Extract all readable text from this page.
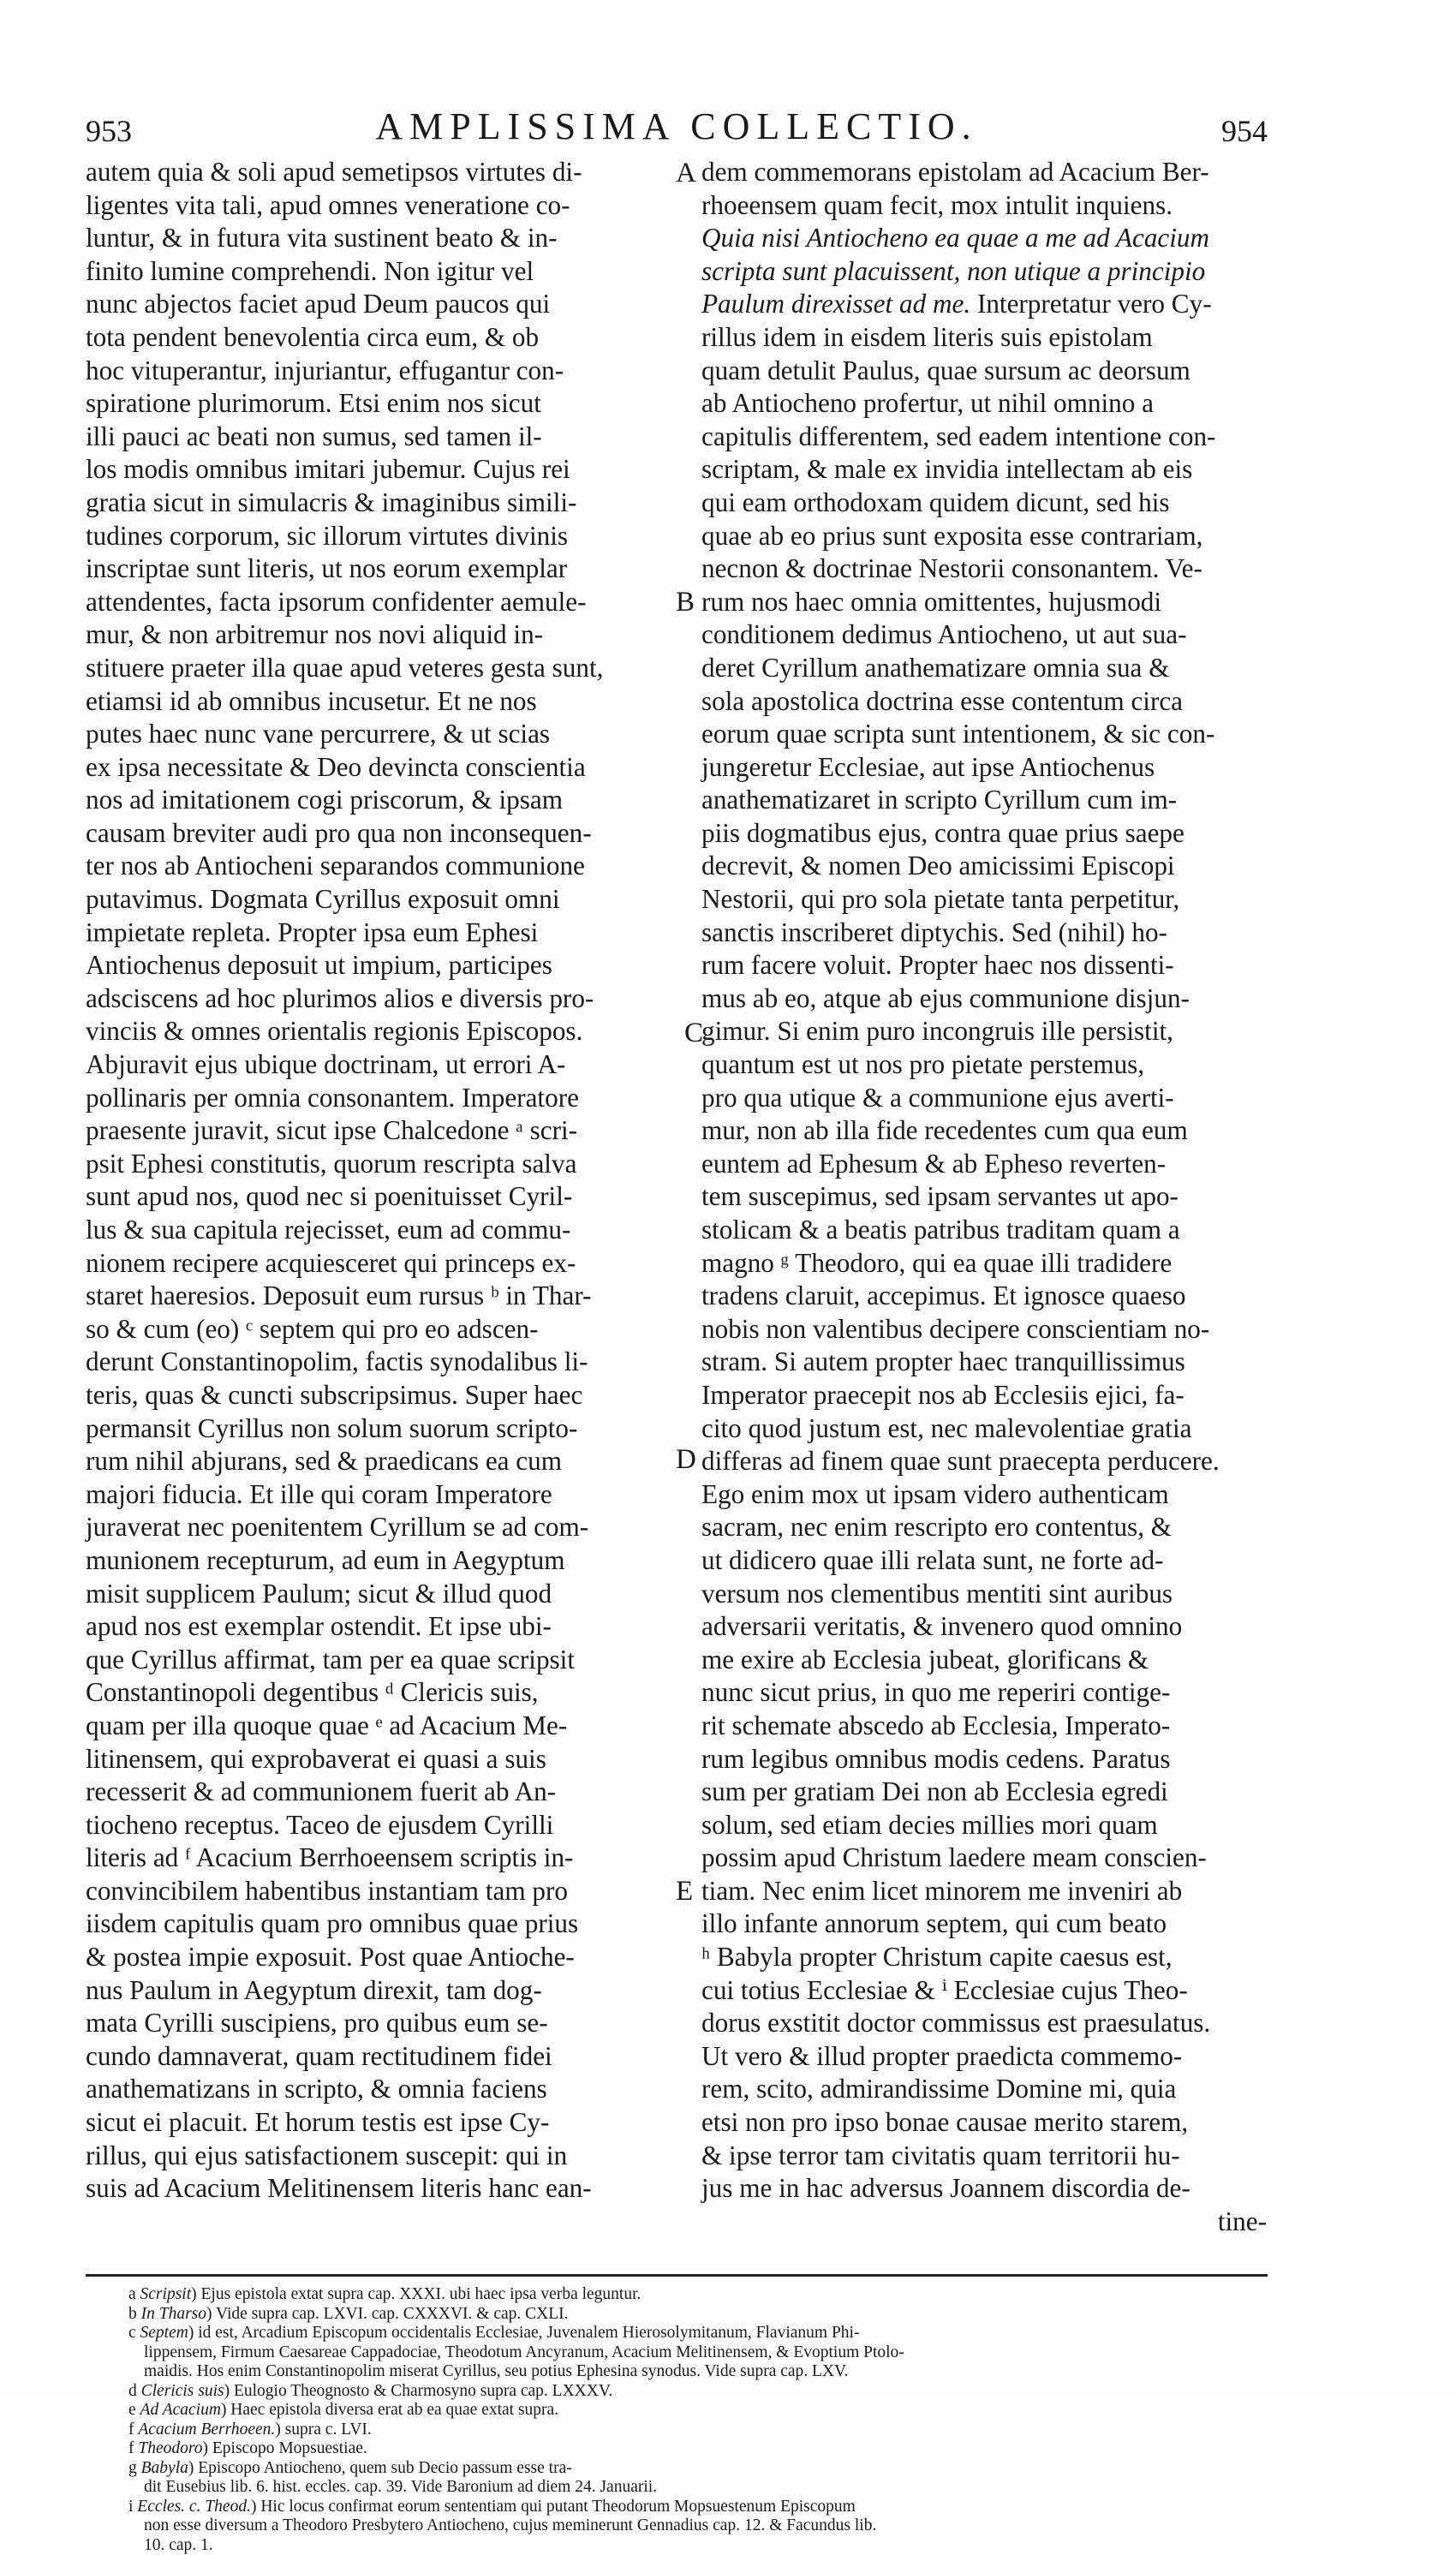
953	AMPLISSIMA COLLECTIO.	954
autem quia & soli apud semetipsos virtutes di-
ligentes vita tali, apud omnes veneratione co-
luntur, & in futura vita sustinent beato & in-
finito lumine comprehendi. Non igitur vel
nunc abjectos faciet apud Deum paucos qui
tota pendent benevolentia circa eum, & ob
hoc vituperantur, injuriantur, effugantur con-
spiratione plurimorum. Etsi enim nos sicut
illi pauci ac beati non sumus, sed tamen il-
los modis omnibus imitari jubemur. Cujus rei
gratia sicut in simulacris & imaginibus simili-
tudines corporum, sic illorum virtutes divinis
inscriptae sunt literis, ut nos eorum exemplar
attendentes, facta ipsorum confidenter aemule-
mur, & non arbitremur nos novi aliquid in-
stituere praeter illa quae apud veteres gesta sunt,
etiamsi id ab omnibus incusetur. Et ne nos
putes haec nunc vane percurrere, & ut scias
ex ipsa necessitate & Deo devincta conscientia
nos ad imitationem cogi priscorum, & ipsam
causam breviter audi pro qua non inconsequen-
ter nos ab Antiocheni separandos communione
putavimus. Dogmata Cyrillus exposuit omni
impietate repleta. Propter ipsa eum Ephesi
Antiochenus deposuit ut impium, participes
adsciscens ad hoc plurimos alios e diversis pro-
vinciis & omnes orientalis regionis Episcopos.
Abjuravit ejus ubique doctrinam, ut errori A-
pollinaris per omnia consonantem. Imperatore
praesente juravit, sicut ipse Chalcedone ᵃ scri-
psit Ephesi constitutis, quorum rescripta salva
sunt apud nos, quod nec si poenituisset Cyril-
lus & sua capitula rejecisset, eum ad commu-
nionem recipere acquiesceret qui princeps ex-
staret haeresios. Deposuit eum rursus ᵇ in Thar-
so & cum (eo) ᶜ septem qui pro eo adscen-
derunt Constantinopolim, factis synodalibus li-
teris, quas & cuncti subscripsimus. Super haec
permansit Cyrillus non solum suorum scripto-
rum nihil abjurans, sed & praedicans ea cum
majori fiducia. Et ille qui coram Imperatore
juraverat nec poenitentem Cyrillum se ad com-
munionem recepturum, ad eum in Aegyptum
misit supplicem Paulum; sicut & illud quod
apud nos est exemplar ostendit. Et ipse ubi-
que Cyrillus affirmat, tam per ea quae scripsit
Constantinopoli degentibus ᵈ Clericis suis,
quam per illa quoque quae ᵉ ad Acacium Me-
litinensem, qui exprobaverat ei quasi a suis
recesserit & ad communionem fuerit ab An-
tiocheno receptus. Taceo de ejusdem Cyrilli
literis ad ᶠ Acacium Berrhoeensem scriptis in-
convincibilem habentibus instantiam tam pro
iisdem capitulis quam pro omnibus quae prius
& postea impie exposuit. Post quae Antioche-
nus Paulum in Aegyptum direxit, tam dog-
mata Cyrilli suscipiens, pro quibus eum se-
cundo damnaverat, quam rectitudinem fidei
anathematizans in scripto, & omnia faciens
sicut ei placuit. Et horum testis est ipse Cy-
rillus, qui ejus satisfactionem suscepit: qui in
suis ad Acacium Melitinensem literis hanc ean-
dem commemorans epistolam ad Acacium Ber-
rhoeensem quam fecit, mox intulit inquiens.
Quia nisi Antiocheno ea quae a me ad Acacium
scripta sunt placuissent, non utique a principio
Paulum direxisset ad me. Interpretatur vero Cy-
rillus idem in eisdem literis suis epistolam
quam detulit Paulus, quae sursum ac deorsum
ab Antiocheno profertur, ut nihil omnino a
capitulis differentem, sed eadem intentione con-
scriptam, & male ex invidia intellectam ab eis
qui eam orthodoxam quidem dicunt, sed his
quae ab eo prius sunt exposita esse contrariam,
necnon & doctrinae Nestorii consonantem. Ve-
rum nos haec omnia omittentes, hujusmodi
conditionem dedimus Antiocheno, ut aut sua-
deret Cyrillum anathematizare omnia sua &
sola apostolica doctrina esse contentum circa
eorum quae scripta sunt intentionem, & sic con-
jungeretur Ecclesiae, aut ipse Antiochenus
anathematizaret in scripto Cyrillum cum im-
piis dogmatibus ejus, contra quae prius saepe
decrevit, & nomen Deo amicissimi Episcopi
Nestorii, qui pro sola pietate tanta perpetitur,
sanctis inscriberet diptychis. Sed (nihil) ho-
rum facere voluit. Propter haec nos dissenti-
mus ab eo, atque ab ejus communione disjun-
gimur. Si enim puro incongruis ille persistit,
quantum est ut nos pro pietate perstemus,
pro qua utique & a communione ejus averti-
mur, non ab illa fide recedentes cum qua eum
euntem ad Ephesum & ab Epheso reverten-
tem suscepimus, sed ipsam servantes ut apo-
stolicam & a beatis patribus traditam quam a
magno ᵍ Theodoro, qui ea quae illi tradidere
tradens claruit, accepimus. Et ignosce quaeso
nobis non valentibus decipere conscientiam no-
stram. Si autem propter haec tranquillissimus
Imperator praecepit nos ab Ecclesiis ejici, fa-
cito quod justum est, nec malevolentiae gratia
differas ad finem quae sunt praecepta perducere.
Ego enim mox ut ipsam videro authenticam
sacram, nec enim rescripto ero contentus, &
ut didicero quae illi relata sunt, ne forte ad-
versum nos clementibus mentiti sint auribus
adversarii veritatis, & invenero quod omnino
me exire ab Ecclesia jubeat, glorificans &
nunc sicut prius, in quo me reperiri contige-
rit schemate abscedo ab Ecclesia, Imperato-
rum legibus omnibus modis cedens. Paratus
sum per gratiam Dei non ab Ecclesia egredi
solum, sed etiam decies millies mori quam
possim apud Christum laedere meam conscien-
tiam. Nec enim licet minorem me inveniri ab
illo infante annorum septem, qui cum beato
ʰ Babyla propter Christum capite caesus est,
cui totius Ecclesiae & ⁱ Ecclesiae cujus Theo-
dorus exstitit doctor commissus est praesulatus.
Ut vero & illud propter praedicta commemo-
rem, scito, admirandissime Domine mi, quia
etsi non pro ipso bonae causae merito starem,
& ipse terror tam civitatis quam territorii hu-
jus me in hac adversus Joannem discordia de-
tine-
A
B
C
D
E
a Scripsit) Ejus epistola extat supra cap. XXXI. ubi haec ipsa verba leguntur.
b In Tharso) Vide supra cap. LXVI. cap. CXXXVI. & cap. CXLI.
c Septem) id est, Arcadium Episcopum occidentalis Ecclesiae, Juvenalem Hierosolymitanum, Flavianum Phi-
lippensem, Firmum Caesareae Cappadociae, Theodotum Ancyranum, Acacium Melitinensem, & Evoptium Ptolo-
maidis. Hos enim Constantinopolim miserat Cyrillus, seu potius Ephesina synodus. Vide supra cap. LXV.
d Clericis suis) Eulogio Theognosto & Charmosyno supra cap. LXXXV.
e Ad Acacium) Haec epistola diversa erat ab ea quae extat supra.
f Acacium Berrhoeen.) supra c. LVI.
f Theodoro) Episcopo Mopsuestiae.
g Babyla) Episcopo Antiocheno, quem sub Decio passum esse tra-
dit Eusebius lib. 6. hist. eccles. cap. 39. Vide Baronium ad diem 24. Januarii.
i Eccles. c. Theod.) Hic locus confirmat eorum sententiam qui putant Theodorum Mopsuestenum Episcopum
non esse diversum a Theodoro Presbytero Antiocheno, cujus meminerunt Gennadius cap. 12. & Facundus lib.
10. cap. 1.
